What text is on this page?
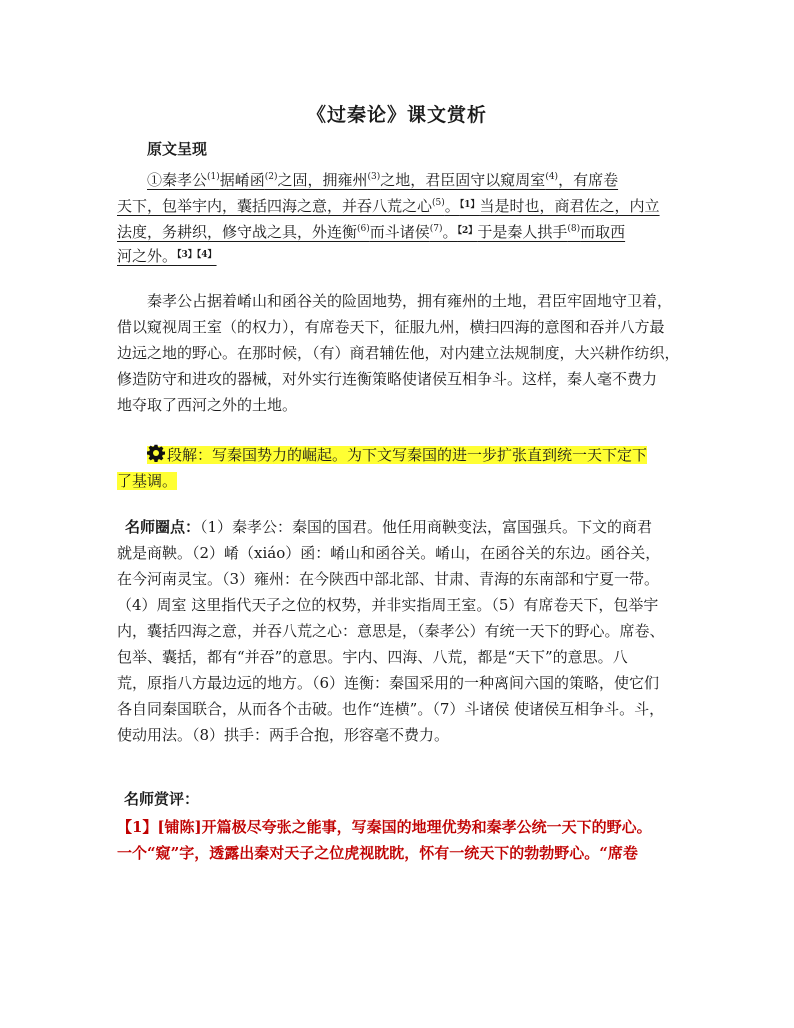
《过秦论》课文赏析
原文呈现
①秦孝公$^{(1)}$据崤函$^{(2)}$之固，拥雍州$^{(3)}$之地，君臣固守以窥周室$^{(4)}$，有席卷
天下，包举宇内，囊括四海之意，并吞八荒之心$^{(5)}$。$^{【1】}$当是时也，商君佐之，内立
法度，务耕织，修守战之具，外连衡$^{(6)}$而斗诸侯$^{(7)}$。$^{【2】}$于是秦人拱手$^{(8)}$而取西
河之外。$^{【3】【4】}$
　　秦孝公占据着崤山和函谷关的险固地势，拥有雍州的土地，君臣牢固地守卫着，
借以窥视周王室（的权力），有席卷天下，征服九州，横扫四海的意图和吞并八方最
边远之地的野心。在那时候，（有）商君辅佐他，对内建立法规制度，大兴耕作纺织，
修造防守和进攻的器械，对外实行连衡策略使诸侯互相争斗。这样，秦人毫不费力
地夺取了西河之外的土地。
段解：写秦国势力的崛起。为下文写秦国的进一步扩张直到统一天下定下
了基调。
名师圈点：（1）秦孝公：秦国的国君。他任用商鞅变法，富国强兵。下文的商君
就是商鞅。（2）崤（xiáo）函：崤山和函谷关。崤山，在函谷关的东边。函谷关，
在今河南灵宝。（3）雍州：在今陕西中部北部、甘肃、青海的东南部和宁夏一带。
（4）周室 这里指代天子之位的权势，并非实指周王室。（5）有席卷天下，包举宇
内，囊括四海之意，并吞八荒之心：意思是，（秦孝公）有统一天下的野心。席卷、
包举、囊括，都有“并吞”的意思。宇内、四海、八荒，都是“天下”的意思。八
荒，原指八方最边远的地方。（6）连衡：秦国采用的一种离间六国的策略，使它们
各自同秦国联合，从而各个击破。也作“连横”。（7）斗诸侯 使诸侯互相争斗。斗，
使动用法。（8）拱手：两手合抱，形容毫不费力。
名师赏评：
【1】[铺陈]开篇极尽夸张之能事，写秦国的地理优势和秦孝公统一天下的野心。
一个“窥”字，透露出秦对天子之位虎视眈眈，怀有一统天下的勃勃野心。“席卷
